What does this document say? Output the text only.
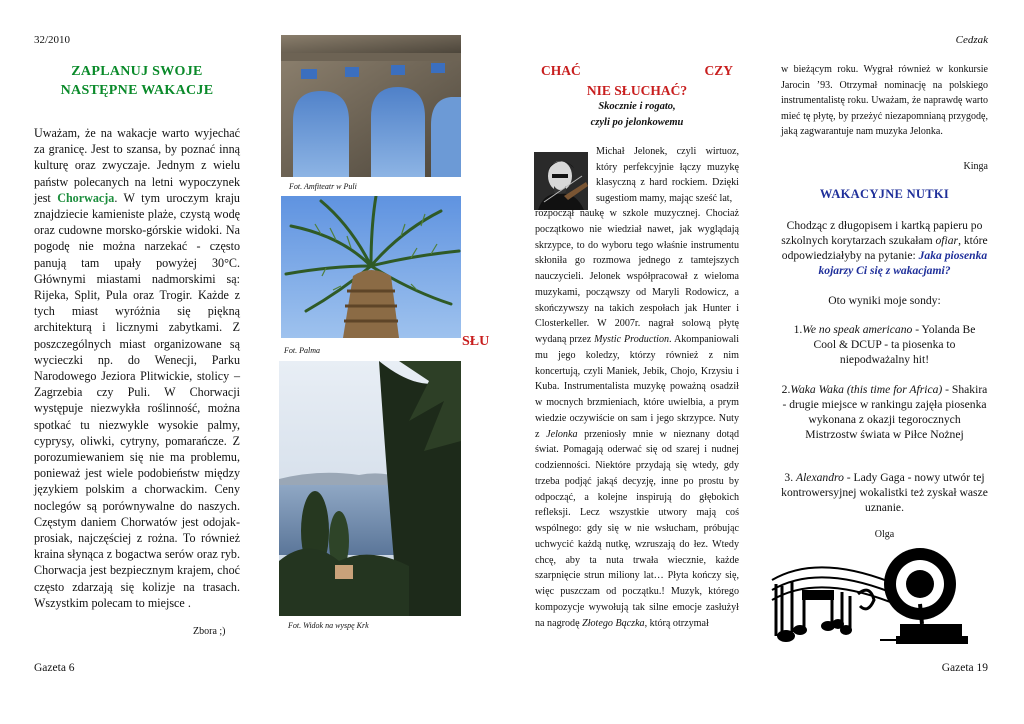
32/2010	Cedzak
Gazeta 6	Gazeta 19
ZAPLANUJ SWOJE
NASTĘPNE WAKACJE
Uważam, że na wakacje warto wyjechać za granicę. Jest to szansa, by poznać inną kulturę oraz zwyczaje. Jednym z wielu państw polecanych na letni wypoczynek jest Chorwacja. W tym uroczym kraju znajdziecie kamieniste plaże, czystą wodę oraz cudowne morsko-górskie widoki. Na pogodę nie można narzekać - często panują tam upały powyżej 30°C. Głównymi miastami nadmorskimi są: Rijeka, Split, Pula oraz Trogir. Każde z tych miast wyróżnia się piękną architekturą i licznymi zabytkami. Z poszczególnych miast organizowane są wycieczki np. do Wenecji, Parku Narodowego Jeziora Plitwickie, stolicy – Zagrzebia czy Puli. W Chorwacji występuje niezwykła roślinność, można spotkać tu niezwykle wysokie palmy, cyprysy, oliwki, cytryny, pomarańcze. Z porozumiewaniem się nie ma problemu, ponieważ jest wiele podobieństw między językiem polskim a chorwackim. Ceny noclegów są porównywalne do naszych. Częstym daniem Chorwatów jest odojak-prosiak, najczęściej z rożna. To również kraina słynąca z bogactwa serów oraz ryb. Chorwacja jest bezpiecznym krajem, choć często zdarzają się kolizje na trasach. Wszystkim polecam to miejsce .
Zbora ;)
Fot. Amfiteatr w Puli
Fot. Palma
SŁU
Fot. Widok na wyspę Krk
CHAĆ	CZY
NIE SŁUCHAĆ?
Skocznie i rogato,
czyli po jelonkowemu
Michał Jelonek, czyli wirtuoz, który perfekcyjnie łączy muzykę klasyczną z hard rockiem. Dzięki sugestiom mamy, mając sześć lat,
rozpoczął naukę w szkole muzycznej. Chociaż początkowo nie wiedział nawet, jak wyglądają skrzypce, to do wyboru tego właśnie instrumentu skłoniła go rozmowa jednego z tamtejszych nauczycieli. Jelonek współpracował z wieloma muzykami, począwszy od Maryli Rodowicz, a skończywszy na takich zespołach jak Hunter i Closterkeller. W 2007r. nagrał solową płytę wydaną przez Mystic Production. Akompaniowali mu jego koledzy, którzy również z nim koncertują, czyli Maniek, Jebik, Chojo, Krzysiu i Kuba. Instrumentalista muzykę poważną osadził w mocnych brzmieniach, które uwielbia, a prym wiedzie oczywiście on sam i jego skrzypce. Nuty z Jelonka przeniosły mnie w nieznany dotąd świat. Pomagają oderwać się od szarej i nudnej codzienności. Niektóre przydają się wtedy, gdy trzeba podjąć jakąś decyzję, inne po prostu by odpocząć, a kolejne inspirują do głębokich refleksji. Lecz wszystkie utwory mają coś wspólnego: gdy się w nie wsłucham, próbując uchwycić każdą nutkę, wzruszają do łez. Wtedy chcę, aby ta nuta trwała wiecznie, każde szarpnięcie strun miliony lat… Płyta kończy się, więc puszczam od początku.! Muzyk, którego kompozycje wywołują tak silne emocje zasłużył na nagrodę Złotego Bączka, którą otrzymał
w bieżącym roku. Wygrał również w konkursie Jarocin ’93. Otrzymał nominację na polskiego instrumentalistę roku. Uważam, że naprawdę warto mieć tę płytę, by przeżyć niezapomnianą przygodę, jaką zagwarantuje nam muzyka Jelonka.
Kinga
WAKACYJNE NUTKI
Chodząc z długopisem i kartką papieru po szkolnych korytarzach szukałam ofiar, które odpowiedziałyby na pytanie: Jaka piosenka kojarzy Ci się z wakacjami?
Oto wyniki moje sondy:
1.We no speak americano - Yolanda Be Cool & DCUP - ta piosenka to niepodważalny hit!
2.Waka Waka (this time for Africa) - Shakira - drugie miejsce w rankingu zajęła piosenka wykonana z okazji tegorocznych Mistrzostw świata w Piłce Nożnej
3. Alexandro - Lady Gaga - nowy utwór tej kontrowersyjnej wokalistki też zyskał wasze uznanie.
Olga
